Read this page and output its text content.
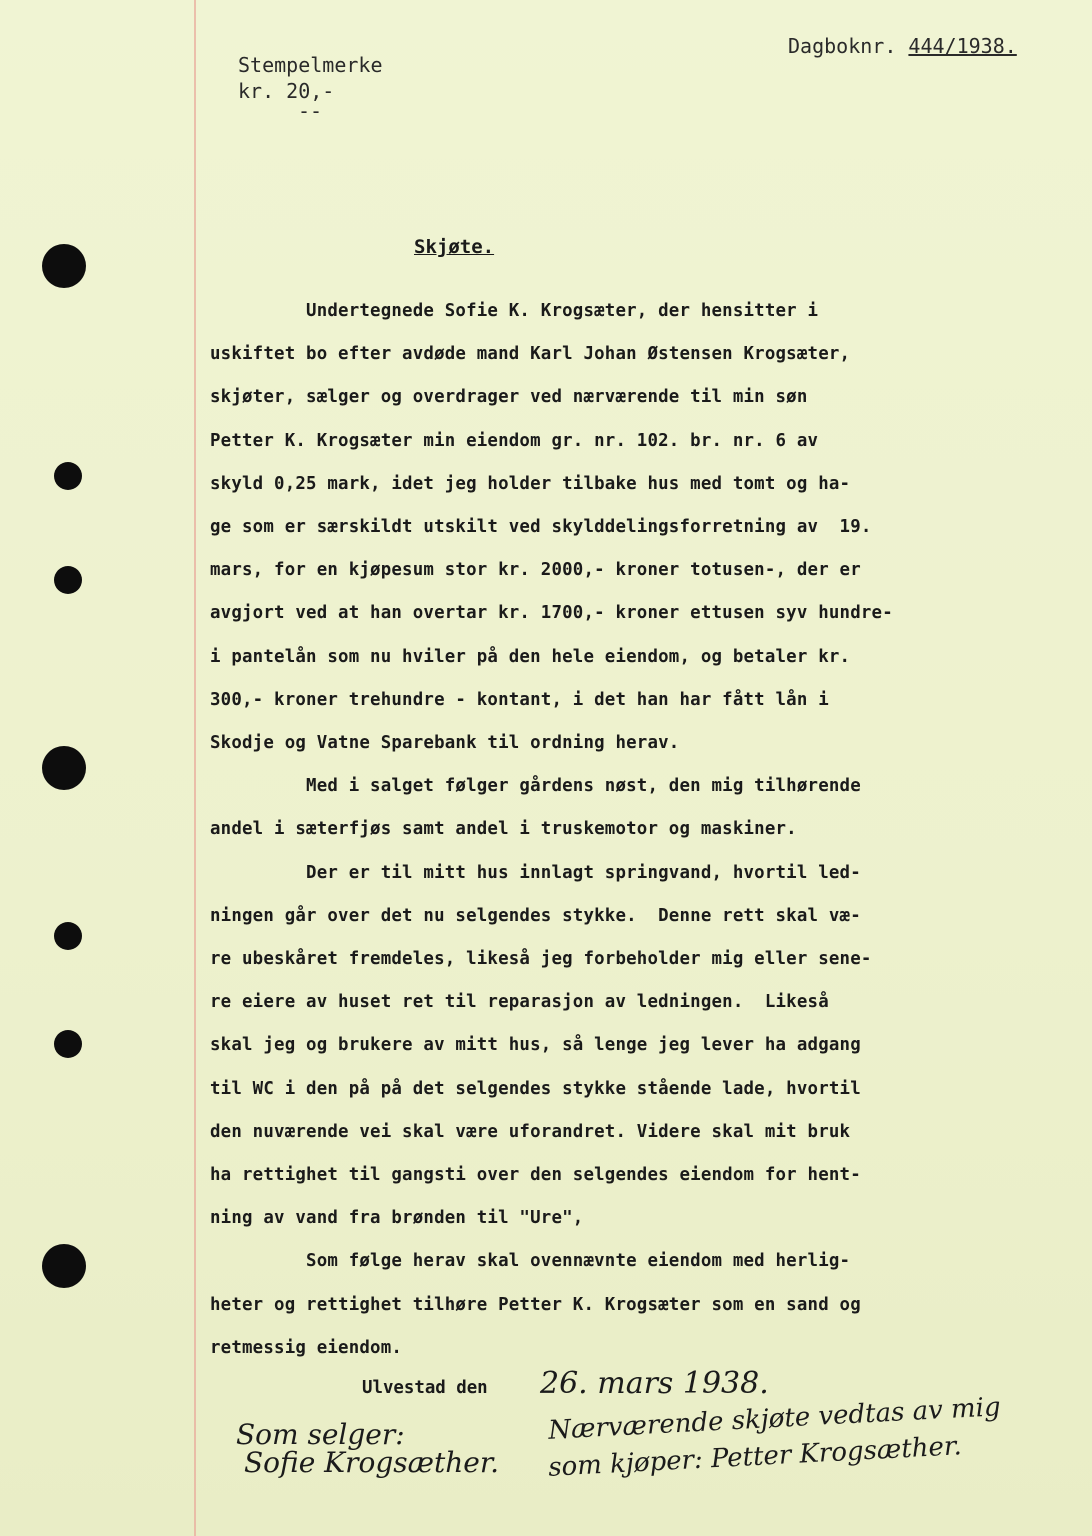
Stempelmerke
kr. 20,-
--
Dagboknr. 444/1938.
Skjøte.
Undertegnede Sofie K. Krogsæter, der hensitter i
uskiftet bo efter avdøde mand Karl Johan Østensen Krogsæter,
skjøter, sælger og overdrager ved nærværende til min søn
Petter K. Krogsæter min eiendom gr. nr. 102. br. nr. 6 av
skyld 0,25 mark, idet jeg holder tilbake hus med tomt og ha-
ge som er særskildt utskilt ved skylddelingsforretning av  19.
mars, for en kjøpesum stor kr. 2000,- kroner totusen-, der er
avgjort ved at han overtar kr. 1700,- kroner ettusen syv hundre-
i pantelån som nu hviler på den hele eiendom, og betaler kr.
300,- kroner trehundre - kontant, i det han har fått lån i
Skodje og Vatne Sparebank til ordning herav.
Med i salget følger gårdens nøst, den mig tilhørende
andel i sæterfjøs samt andel i truskemotor og maskiner.
Der er til mitt hus innlagt springvand, hvortil led-
ningen går over det nu selgendes stykke.  Denne rett skal væ-
re ubeskåret fremdeles, likeså jeg forbeholder mig eller sene-
re eiere av huset ret til reparasjon av ledningen.  Likeså
skal jeg og brukere av mitt hus, så lenge jeg lever ha adgang
til WC i den på på det selgendes stykke stående lade, hvortil
den nuværende vei skal være uforandret. Videre skal mit bruk
ha rettighet til gangsti over den selgendes eiendom for hent-
ning av vand fra brønden til "Ure",
Som følge herav skal ovennævnte eiendom med herlig-
heter og rettighet tilhøre Petter K. Krogsæter som en sand og
retmessig eiendom.
Ulvestad den 26. mars 1938.
Som selger:
Sofie Krogsæther.
Nærværende skjøte vedtas av mig
som kjøper: Petter Krogsæther.
